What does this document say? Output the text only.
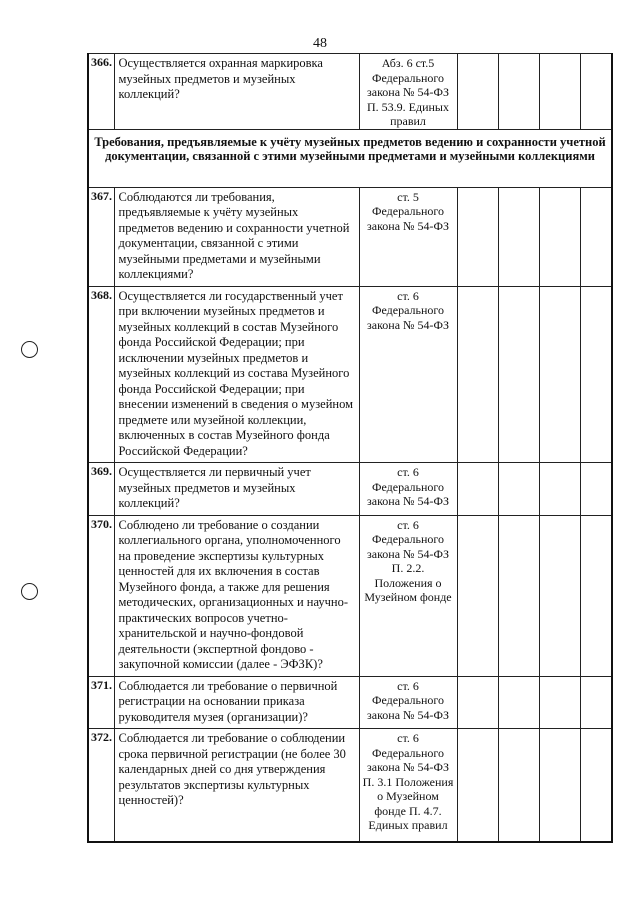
48
366.	Осуществляется охранная маркировка музейных предметов и музейных коллекций?	Абз. 6 ст.5 Федерального закона № 54-ФЗ П. 53.9. Единых правил				

Требования, предъявляемые к учёту музейных предметов ведению и сохранности учетной документации, связанной с этими музейными предметами и музейными коллекциями						

367.	Соблюдаются ли требования, предъявляемые к учёту музейных предметов ведению и сохранности учетной документации, связанной с этими музейными предметами и музейными коллекциями?	ст. 5 Федерального закона № 54-ФЗ				
368.	Осуществляется ли государственный учет при включении музейных предметов и музейных коллекций в состав Музейного фонда Российской Федерации; при исключении музейных предметов и музейных коллекций из состава Музейного фонда Российской Федерации; при внесении изменений в сведения о музейном предмете или музейной коллекции, включенных в состав Музейного фонда Российской Федерации?	ст. 6 Федерального закона № 54-ФЗ				
369.	Осуществляется ли первичный учет музейных предметов и музейных коллекций?	ст. 6 Федерального закона № 54-ФЗ				
370.	Соблюдено ли требование о создании коллегиального органа, уполномоченного на проведение экспертизы культурных ценностей для их включения в состав Музейного фонда, а также для решения методических, организационных и научно-практических вопросов учетно-хранительской и научно-фондовой деятельности (экспертной фондово - закупочной комиссии (далее - ЭФЗК)?	ст. 6 Федерального закона № 54-ФЗ П. 2.2. Положения о Музейном фонде				
371.	Соблюдается ли требование о первичной регистрации на основании приказа руководителя музея (организации)?	ст. 6 Федерального закона № 54-ФЗ				
372.	Соблюдается ли требование о соблюдении срока первичной регистрации (не более 30 календарных дней со дня утверждения результатов экспертизы культурных ценностей)?	ст. 6 Федерального закона № 54-ФЗ П. 3.1 Положения о Музейном фонде П. 4.7. Единых правил				
